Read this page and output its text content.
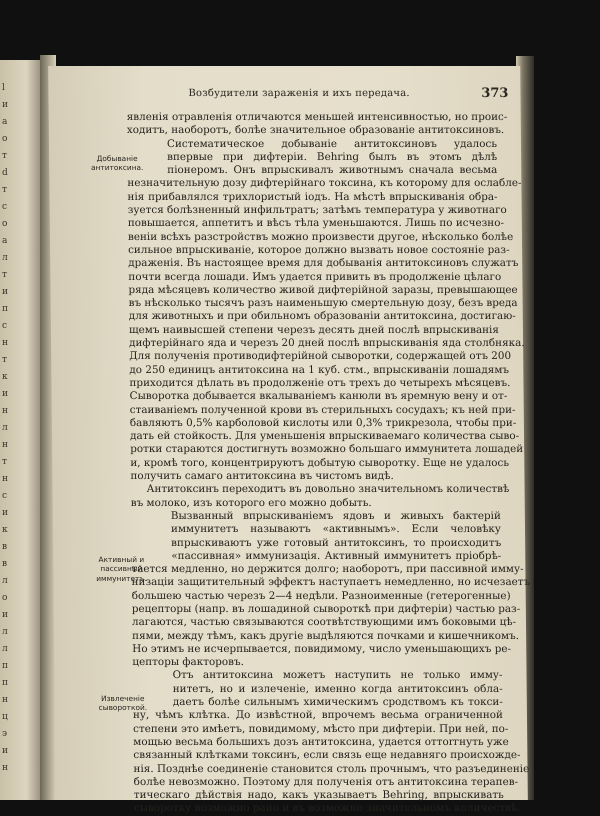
l
и
а
о
т
d
т
с
о
а
л
т
и
п
с
н
т
к
и
н
л
н
т
н
с
и
к
в
в
л
о
и
л
л
п
п
н
ц
э
и
н
Возбудители зараженія и ихъ передача.	373
Добываніе антитоксина.
Активный и пассивный иммунитетъ.
Извлеченіе сывороткой.
явленія отравленія отличаются меньшей интенсивностью, но проис-
ходитъ, наоборотъ, болѣе значительное образованіе антитоксиновъ.
Систематическое добываніе антитоксиновъ удалось
впервые при дифтеріи. Behring былъ въ этомъ дѣлѣ
піонеромъ. Онъ впрыскивалъ животнымъ сначала весьма
незначительную дозу дифтерійнаго токсина, къ которому для ослабле-
нія прибавлялся трихлористый іодъ. На мѣстѣ впрыскиванія обра-
зуется болѣзненный инфильтратъ; затѣмъ температура у животнаго
повышается, аппетитъ и вѣсъ тѣла уменьшаются. Лишь по исчезно-
веніи всѣхъ разстройствъ можно произвести другое, нѣсколько болѣе
сильное впрыскиваніе, которое должно вызвать новое состояніе раз-
драженія. Въ настоящее время для добыванія антитоксиновъ служатъ
почти всегда лошади. Имъ удается привить въ продолженіе цѣлаго
ряда мѣсяцевъ количество живой дифтерійной заразы, превышающее
въ нѣсколько тысячъ разъ наименьшую смертельную дозу, безъ вреда
для животныхъ и при обильномъ образованіи антитоксина, достигаю-
щемъ наивысшей степени черезъ десять дней послѣ впрыскиванія
дифтерійнаго яда и черезъ 20 дней послѣ впрыскиванія яда столбняка.
Для полученія противодифтерійной сыворотки, содержащей отъ 200
до 250 единицъ антитоксина на 1 куб. стм., впрыскиваніи лошадямъ
приходится дѣлать въ продолженіе отъ трехъ до четырехъ мѣсяцевъ.
Сыворотка добывается вкалываніемъ канюли въ яремную вену и от-
стаиваніемъ полученной крови въ стерильныхъ сосудахъ; къ ней при-
бавляютъ 0,5% карболовой кислоты или 0,3% трикрезола, чтобы при-
дать ей стойкость. Для уменьшенія впрыскиваемаго количества сыво-
ротки стараются достигнуть возможно большаго иммунитета лошадей
и, кромѣ того, концентрируютъ добытую сыворотку. Еще не удалось
получить самаго антитоксина въ чистомъ видѣ.
Антитоксинъ переходитъ въ довольно значительномъ количествѣ
въ молоко, изъ которого его можно добыть.
Вызванный впрыскиваніемъ ядовъ и живыхъ бактерій
иммунитетъ называютъ «активнымъ». Если человѣку
впрыскиваютъ уже готовый антитоксинъ, то происходитъ
«пассивная» иммунизація. Активный иммунитетъ пріобрѣ-
тается медленно, но держится долго; наоборотъ, при пассивной имму-
низаціи защитительный эффектъ наступаетъ немедленно, но исчезаетъ
большею частью черезъ 2—4 недѣли. Разноименные (гетерогенные)
рецепторы (напр. въ лошадиной сывороткѣ при дифтеріи) частью раз-
лагаются, частью связываются соотвѣтствующими имъ боковыми цѣ-
пями, между тѣмъ, какъ другіе выдѣляются почками и кишечникомъ.
Но этимъ не исчерпывается, повидимому, число уменьшающихъ ре-
цепторы факторовъ.
Отъ антитоксина можетъ наступить не только имму-
нитетъ, но и излеченіе, именно когда антитоксинъ обла-
даетъ болѣе сильнымъ химическимъ сродствомъ къ токси-
ну, чѣмъ клѣтка. До извѣстной, впрочемъ весьма ограниченной
степени это имѣетъ, повидимому, мѣсто при дифтеріи. При ней, по-
мощью весьма большихъ дозъ антитоксина, удается оттorгнуть уже
связанный клѣтками токсинъ, если связь еще недавняго происхожде-
нія. Позднѣе соединеніе становится столь прочнымъ, что разъединеніе
болѣе невозможно. Поэтому для полученія отъ антитоксина терапев-
тическаго дѣйствія надо, какъ указываетъ Behring, впрыскивать
сыворотку возможно рано и въ возможно значительномъ количествѣ.
